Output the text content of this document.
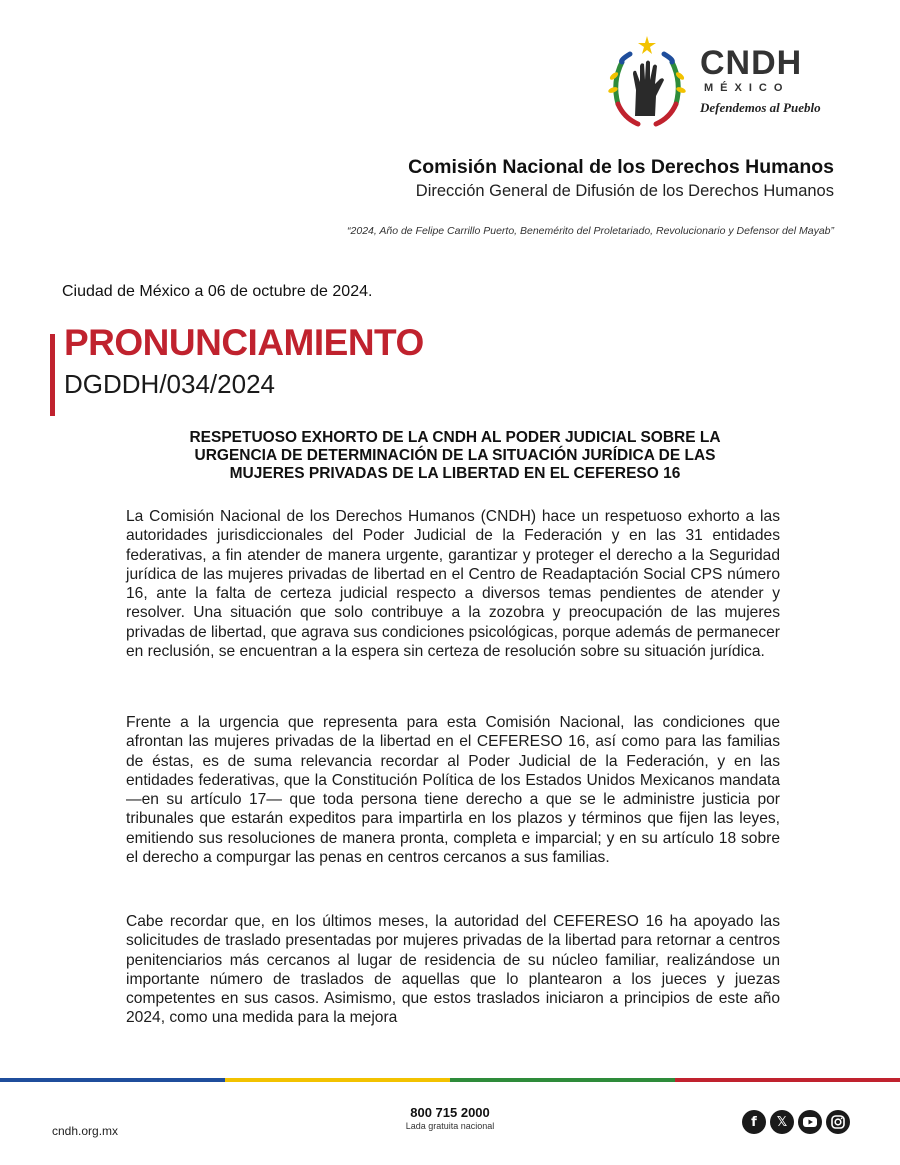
CNDH
MÉXICO
Defendemos al Pueblo
Comisión Nacional de los Derechos Humanos
Dirección General de Difusión de los Derechos Humanos
“2024, Año de Felipe Carrillo Puerto, Benemérito del Proletariado, Revolucionario y Defensor del Mayab”
Ciudad de México a 06 de octubre de 2024.
PRONUNCIAMIENTO
DGDDH/034/2024
RESPETUOSO EXHORTO DE LA CNDH AL PODER JUDICIAL SOBRE LA
URGENCIA DE DETERMINACIÓN DE LA SITUACIÓN JURÍDICA DE LAS
MUJERES PRIVADAS DE LA LIBERTAD EN EL CEFERESO 16

La Comisión Nacional de los Derechos Humanos (CNDH) hace un respetuoso exhorto a las autoridades jurisdiccionales del Poder Judicial de la Federación y en las 31 entidades federativas, a fin atender de manera urgente, garantizar y proteger el derecho a la Seguridad jurídica de las mujeres privadas de libertad en el Centro de Readaptación Social CPS número 16, ante la falta de certeza judicial respecto a diversos temas pendientes de atender y resolver. Una situación que solo contribuye a la zozobra y preocupación de las mujeres privadas de libertad, que agrava sus condiciones psicológicas, porque además de permanecer en reclusión, se encuentran a la espera sin certeza de resolución sobre su situación jurídica.

Frente a la urgencia que representa para esta Comisión Nacional, las condiciones que afrontan las mujeres privadas de la libertad en el CEFERESO 16, así como para las familias de éstas, es de suma relevancia recordar al Poder Judicial de la Federación, y en las entidades federativas, que la Constitución Política de los Estados Unidos Mexicanos mandata —en su artículo 17— que toda persona tiene derecho a que se le administre justicia por tribunales que estarán expeditos para impartirla en los plazos y términos que fijen las leyes, emitiendo sus resoluciones de manera pronta, completa e imparcial; y en su artículo 18 sobre el derecho a compurgar las penas en centros cercanos a sus familias.

Cabe recordar que, en los últimos meses, la autoridad del CEFERESO 16 ha apoyado las solicitudes de traslado presentadas por mujeres privadas de la libertad para retornar a centros penitenciarios más cercanos al lugar de residencia de su núcleo familiar, realizándose un importante número de traslados de aquellas que lo plantearon a los jueces y juezas competentes en sus casos. Asimismo, que estos traslados iniciaron a principios de este año 2024, como una medida para la mejora

cndh.org.mx
800 715 2000
Lada gratuita nacional	f	𝕏
